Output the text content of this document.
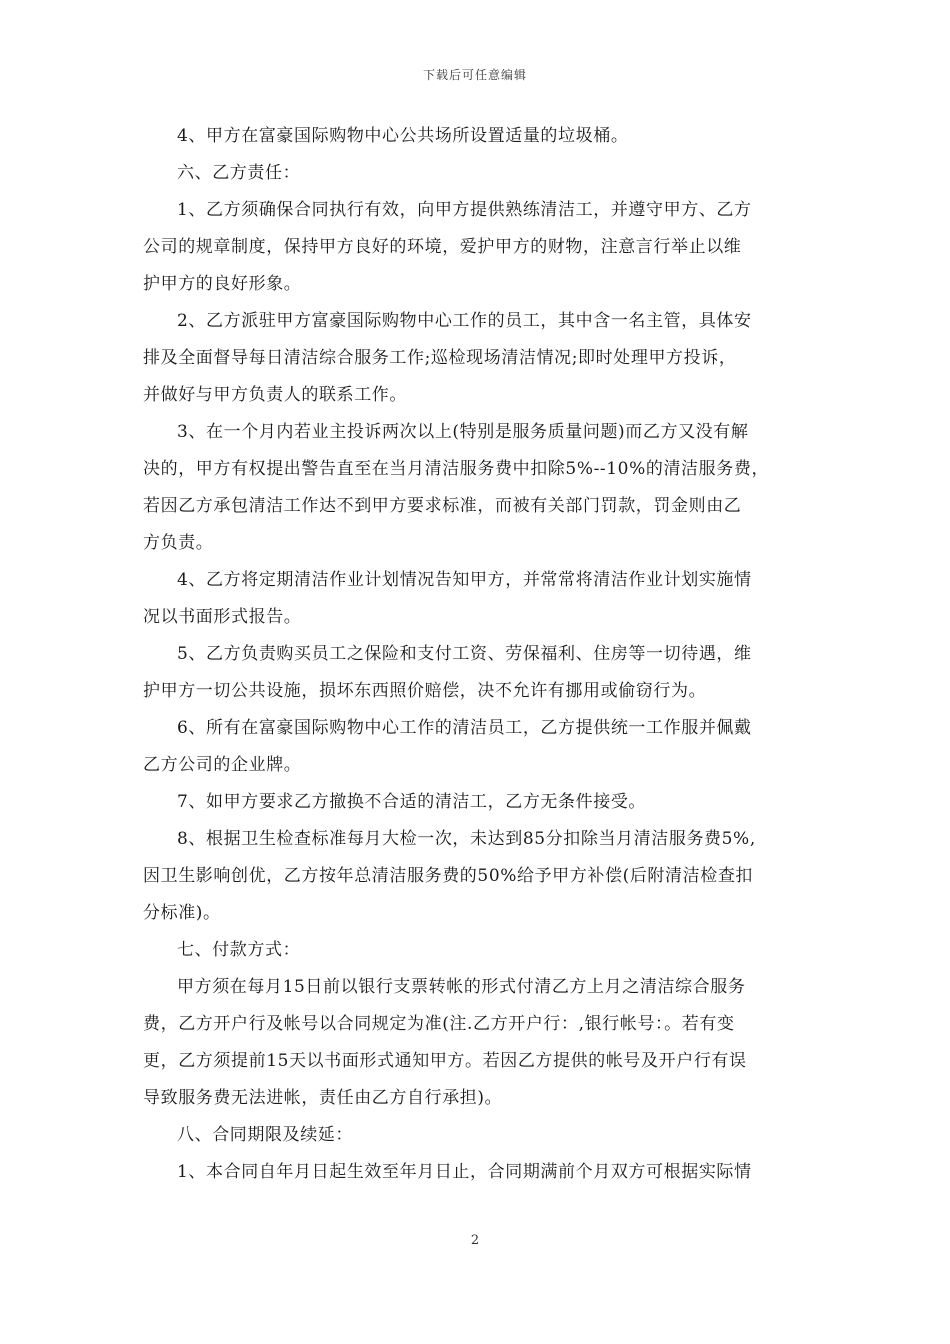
下载后可任意编辑
4、甲方在富豪国际购物中心公共场所设置适量的垃圾桶。
六、乙方责任：
1、乙方须确保合同执行有效，向甲方提供熟练清洁工，并遵守甲方、乙方
公司的规章制度，保持甲方良好的环境，爱护甲方的财物，注意言行举止以维
护甲方的良好形象。
2、乙方派驻甲方富豪国际购物中心工作的员工，其中含一名主管，具体安
排及全面督导每日清洁综合服务工作;巡检现场清洁情况;即时处理甲方投诉，
并做好与甲方负责人的联系工作。
3、在一个月内若业主投诉两次以上(特别是服务质量问题)而乙方又没有解
决的，甲方有权提出警告直至在当月清洁服务费中扣除5%--10%的清洁服务费，
若因乙方承包清洁工作达不到甲方要求标准，而被有关部门罚款，罚金则由乙
方负责。
4、乙方将定期清洁作业计划情况告知甲方，并常常将清洁作业计划实施情
况以书面形式报告。
5、乙方负责购买员工之保险和支付工资、劳保福利、住房等一切待遇，维
护甲方一切公共设施，损坏东西照价赔偿，决不允许有挪用或偷窃行为。
6、所有在富豪国际购物中心工作的清洁员工，乙方提供统一工作服并佩戴
乙方公司的企业牌。
7、如甲方要求乙方撤换不合适的清洁工，乙方无条件接受。
8、根据卫生检查标准每月大检一次，未达到85分扣除当月清洁服务费5%,
因卫生影响创优，乙方按年总清洁服务费的50%给予甲方补偿(后附清洁检查扣
分标准)。
七、付款方式：
甲方须在每月15日前以银行支票转帐的形式付清乙方上月之清洁综合服务
费，乙方开户行及帐号以合同规定为准(注.乙方开户行：,银行帐号：。若有变
更，乙方须提前15天以书面形式通知甲方。若因乙方提供的帐号及开户行有误
导致服务费无法进帐，责任由乙方自行承担)。
八、合同期限及续延：
1、本合同自年月日起生效至年月日止，合同期满前个月双方可根据实际情
2
